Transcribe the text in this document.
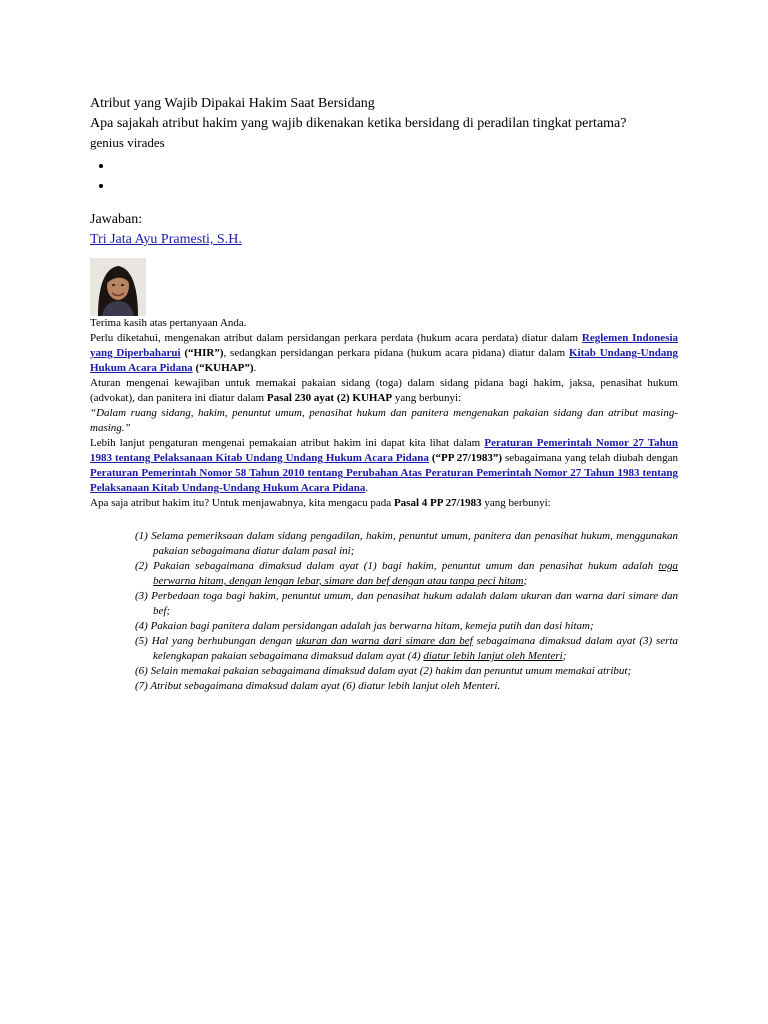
Atribut yang Wajib Dipakai Hakim Saat Bersidang
Apa sajakah atribut hakim yang wajib dikenakan ketika bersidang di peradilan tingkat pertama?
genius virades
•
•
Jawaban:
Tri Jata Ayu Pramesti, S.H.

Terima kasih atas pertanyaan Anda.

Perlu diketahui, mengenakan atribut dalam persidangan perkara perdata (hukum acara perdata) diatur dalam Reglemen Indonesia yang Diperbaharui (“HIR”), sedangkan persidangan perkara pidana (hukum acara pidana) diatur dalam Kitab Undang-Undang Hukum Acara Pidana (“KUHAP”).

Aturan mengenai kewajiban untuk memakai pakaian sidang (toga) dalam sidang pidana bagi hakim, jaksa, penasihat hukum (advokat), dan panitera ini diatur dalam Pasal 230 ayat (2) KUHAP yang berbunyi:

“Dalam ruang sidang, hakim, penuntut umum, penasihat hukum dan panitera mengenakan pakaian sidang dan atribut masing-masing.”

Lebih lanjut pengaturan mengenai pemakaian atribut hakim ini dapat kita lihat dalam Peraturan Pemerintah Nomor 27 Tahun 1983 tentang Pelaksanaan Kitab Undang Undang Hukum Acara Pidana (“PP 27/1983”) sebagaimana yang telah diubah dengan Peraturan Pemerintah Nomor 58 Tahun 2010 tentang Perubahan Atas Peraturan Pemerintah Nomor 27 Tahun 1983 tentang Pelaksanaan Kitab Undang-Undang Hukum Acara Pidana.

Apa saja atribut hakim itu? Untuk menjawabnya, kita mengacu pada Pasal 4 PP 27/1983 yang berbunyi:

(1) Selama pemeriksaan dalam sidang pengadilan, hakim, penuntut umum, panitera dan penasihat hukum, menggunakan pakaian sebagaimana diatur dalam pasal ini;
(2) Pakaian sebagaimana dimaksud dalam ayat (1) bagi hakim, penuntut umum dan penasihat hukum adalah toga berwarna hitam, dengan lengan lebar, simare dan bef dengan atau tanpa peci hitam;
(3) Perbedaan toga bagi hakim, penuntut umum, dan penasihat hukum adalah dalam ukuran dan warna dari simare dan bef;
(4) Pakaian bagi panitera dalam persidangan adalah jas berwarna hitam, kemeja putih dan dasi hitam;
(5) Hal yang berhubungan dengan ukuran dan warna dari simare dan bef sebagaimana dimaksud dalam ayat (3) serta kelengkapan pakaian sebagaimana dimaksud dalam ayat (4) diatur lebih lanjut oleh Menteri;
(6) Selain memakai pakaian sebagaimana dimaksud dalam ayat (2) hakim dan penuntut umum memakai atribut;
(7) Atribut sebagaimana dimaksud dalam ayat (6) diatur lebih lanjut oleh Menteri.
